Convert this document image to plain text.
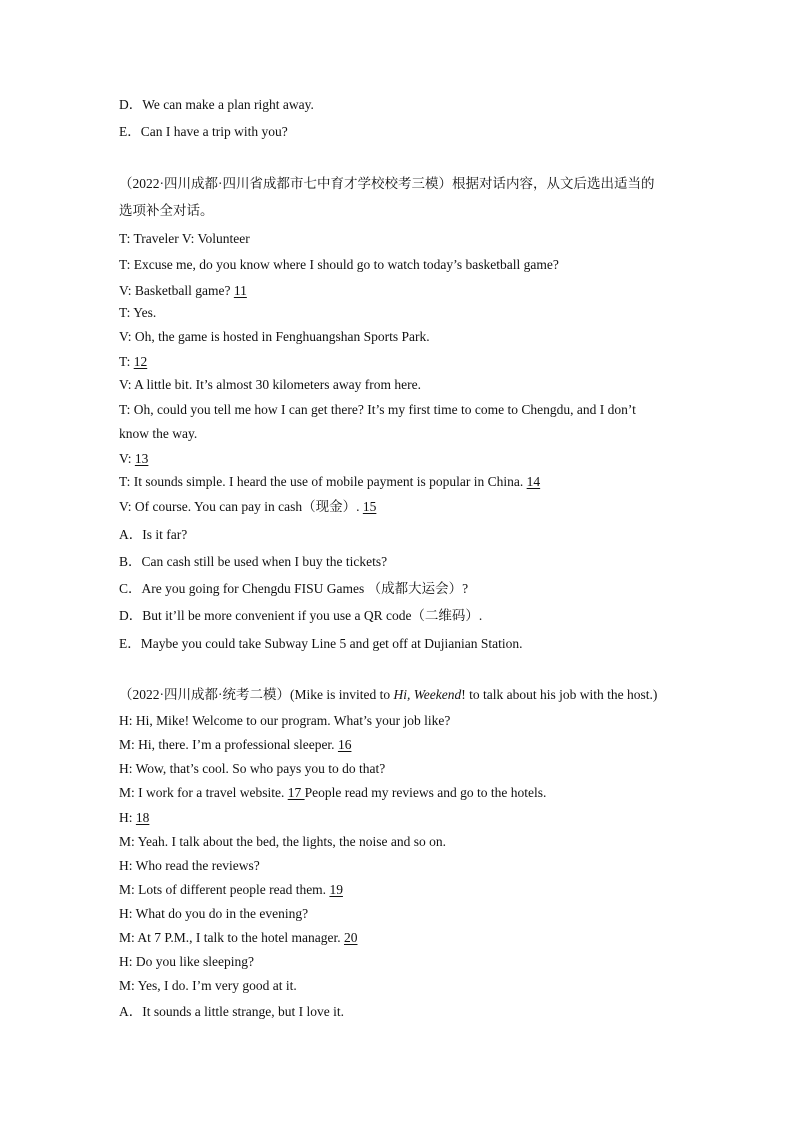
D．We can make a plan right away.
E．Can I have a trip with you?
（2022·四川成都·四川省成都市七中育才学校校考三模）根据对话内容，从文后选出适当的
选项补全对话。
T: Traveler V: Volunteer
T: Excuse me, do you know where I should go to watch today’s basketball game?
V: Basketball game? 11
T: Yes.
V: Oh, the game is hosted in Fenghuangshan Sports Park.
T: 12
V: A little bit. It’s almost 30 kilometers away from here.
T: Oh, could you tell me how I can get there? It’s my first time to come to Chengdu, and I don’t
know the way.
V: 13
T: It sounds simple. I heard the use of mobile payment is popular in China. 14
V: Of course. You can pay in cash（现金）. 15
A．Is it far?
B．Can cash still be used when I buy the tickets?
C．Are you going for Chengdu FISU Games （成都大运会）?
D．But it’ll be more convenient if you use a QR code（二维码）.
E．Maybe you could take Subway Line 5 and get off at Dujianian Station.
（2022·四川成都·统考二模）(Mike is invited to Hi, Weekend! to talk about his job with the host.)
H: Hi, Mike! Welcome to our program. What’s your job like?
M: Hi, there. I’m a professional sleeper. 16
H: Wow, that’s cool. So who pays you to do that?
M: I work for a travel website. 17 People read my reviews and go to the hotels.
H: 18
M: Yeah. I talk about the bed, the lights, the noise and so on.
H: Who read the reviews?
M: Lots of different people read them. 19
H: What do you do in the evening?
M: At 7 P.M., I talk to the hotel manager. 20
H: Do you like sleeping?
M: Yes, I do. I’m very good at it.
A．It sounds a little strange, but I love it.
